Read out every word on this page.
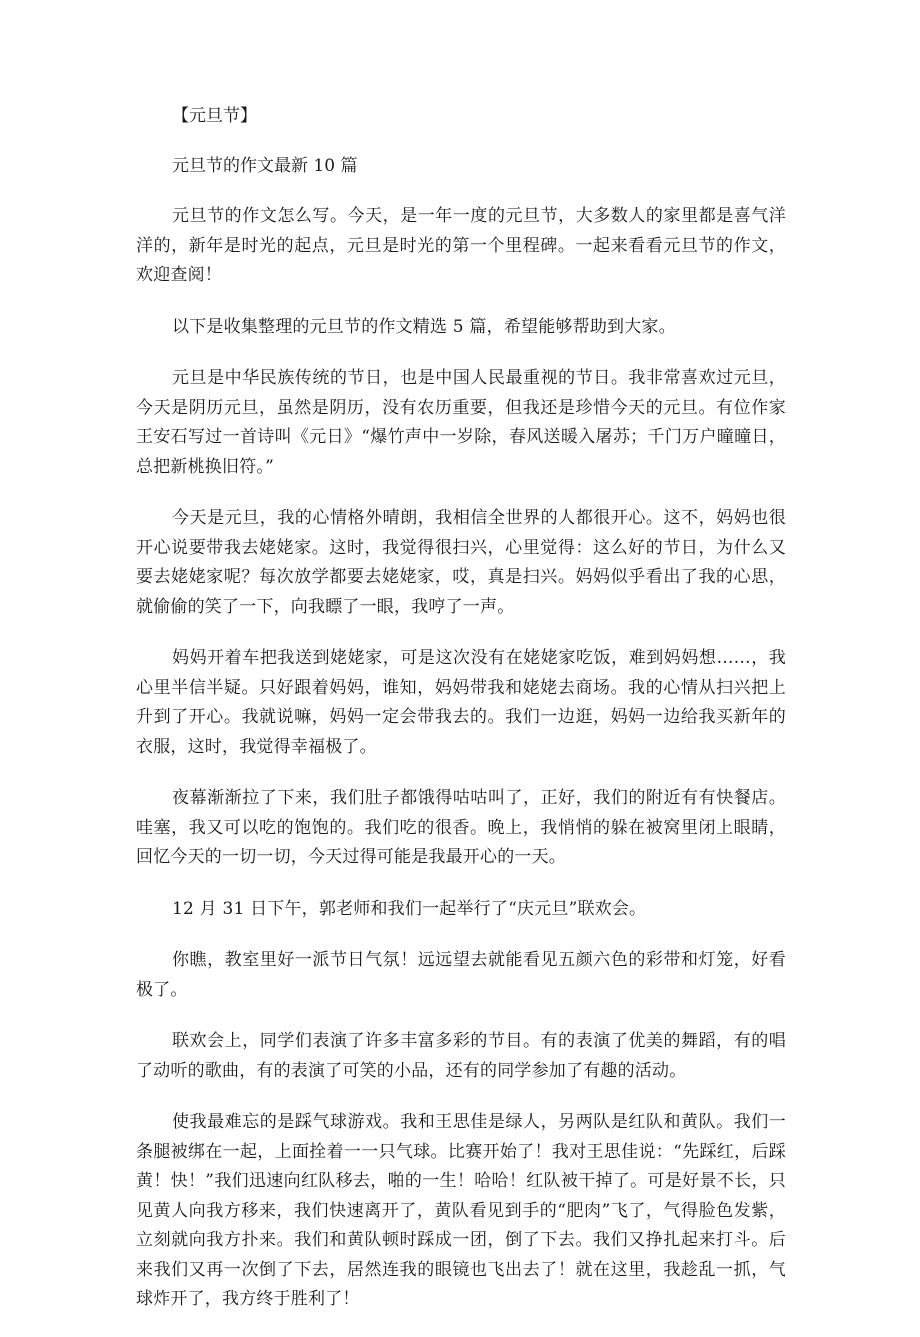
【元旦节】
元旦节的作文最新 10 篇

元旦节的作文怎么写。今天，是一年一度的元旦节，大多数人的家里都是喜气洋洋的，新年是时光的起点，元旦是时光的第一个里程碑。一起来看看元旦节的作文，欢迎查阅！

以下是收集整理的元旦节的作文精选 5 篇，希望能够帮助到大家。

元旦是中华民族传统的节日，也是中国人民最重视的节日。我非常喜欢过元旦，今天是阴历元旦，虽然是阴历，没有农历重要，但我还是珍惜今天的元旦。有位作家王安石写过一首诗叫《元日》“爆竹声中一岁除，春风送暖入屠苏；千门万户曈曈日，总把新桃换旧符。”

今天是元旦，我的心情格外晴朗，我相信全世界的人都很开心。这不，妈妈也很开心说要带我去姥姥家。这时，我觉得很扫兴，心里觉得：这么好的节日，为什么又要去姥姥家呢？每次放学都要去姥姥家，哎，真是扫兴。妈妈似乎看出了我的心思，就偷偷的笑了一下，向我瞟了一眼，我哼了一声。

妈妈开着车把我送到姥姥家，可是这次没有在姥姥家吃饭，难到妈妈想……，我心里半信半疑。只好跟着妈妈，谁知，妈妈带我和姥姥去商场。我的心情从扫兴把上升到了开心。我就说嘛，妈妈一定会带我去的。我们一边逛，妈妈一边给我买新年的衣服，这时，我觉得幸福极了。

夜幕渐渐拉了下来，我们肚子都饿得咕咕叫了，正好，我们的附近有有快餐店。哇塞，我又可以吃的饱饱的。我们吃的很香。晚上，我悄悄的躲在被窝里闭上眼睛，回忆今天的一切一切，今天过得可能是我最开心的一天。

12 月 31 日下午，郭老师和我们一起举行了“庆元旦”联欢会。

你瞧，教室里好一派节日气氛！远远望去就能看见五颜六色的彩带和灯笼，好看极了。

联欢会上，同学们表演了许多丰富多彩的节目。有的表演了优美的舞蹈，有的唱了动听的歌曲，有的表演了可笑的小品，还有的同学参加了有趣的活动。

使我最难忘的是踩气球游戏。我和王思佳是绿人，另两队是红队和黄队。我们一条腿被绑在一起，上面拴着一一只气球。比赛开始了！我对王思佳说：“先踩红，后踩黄！快！”我们迅速向红队移去，啪的一生！哈哈！红队被干掉了。可是好景不长，只见黄人向我方移来，我们快速离开了，黄队看见到手的“肥肉”飞了，气得脸色发紫，立刻就向我方扑来。我们和黄队顿时踩成一团，倒了下去。我们又挣扎起来打斗。后来我们又再一次倒了下去，居然连我的眼镜也飞出去了！就在这里，我趁乱一抓，气球炸开了，我方终于胜利了！
